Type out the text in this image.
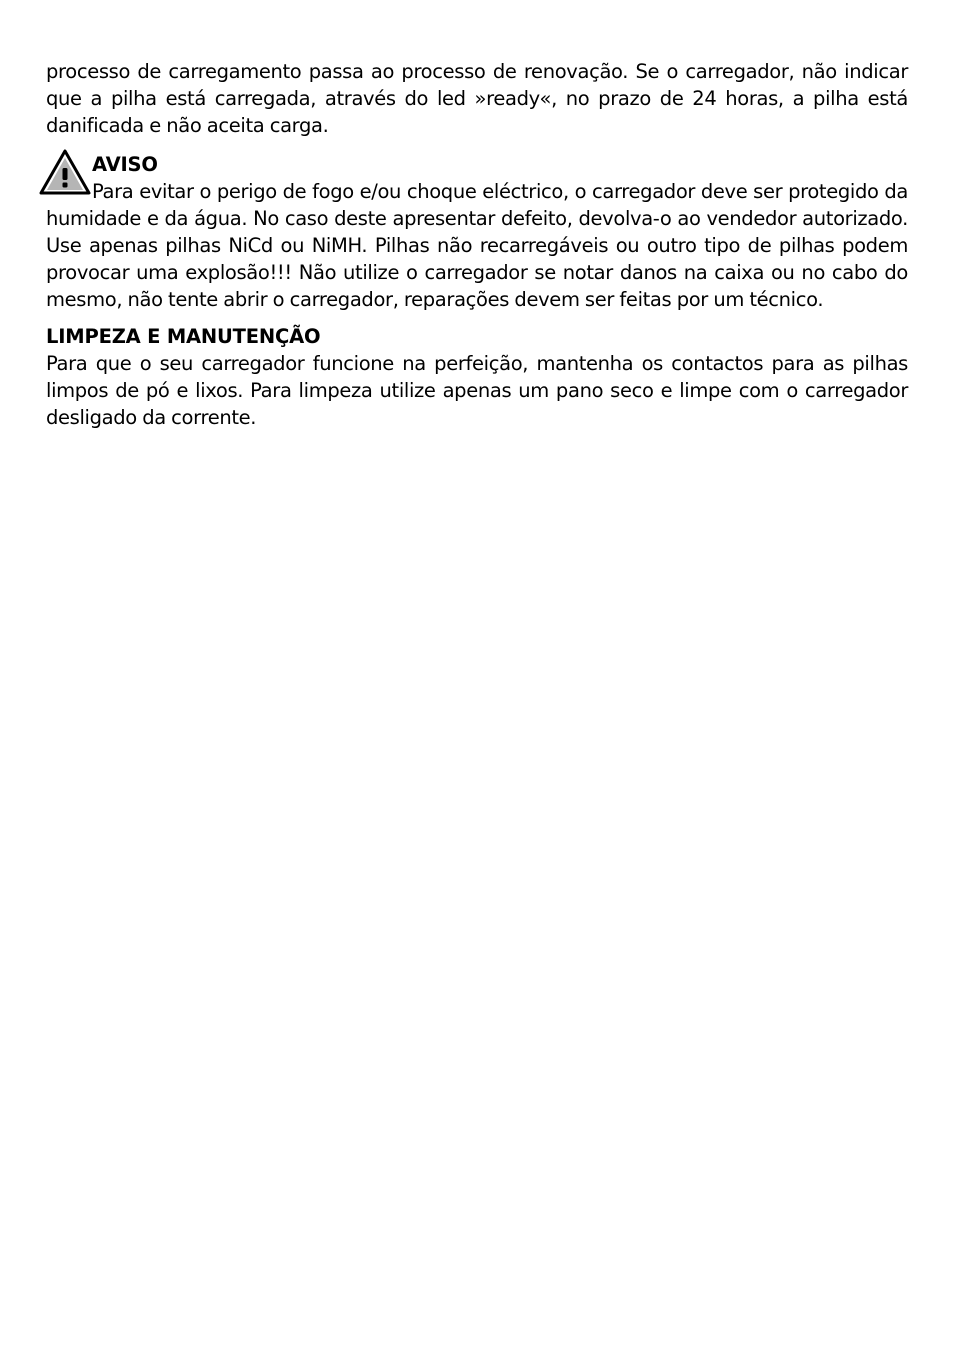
processo de carregamento passa ao processo de renovação. Se o carregador, não indicar que a pilha está carregada, através do led »ready«, no prazo de 24 horas, a pilha está danificada e não aceita carga.

AVISO

Para evitar o perigo de fogo e/ou choque eléctrico, o carregador deve ser protegido da humidade e da água. No caso deste apresentar defeito, devolva-o ao vendedor autorizado. Use apenas pilhas NiCd ou NiMH. Pilhas não recarregáveis ou outro tipo de pilhas podem provocar uma explosão!!! Não utilize o carregador se notar danos na caixa ou no cabo do mesmo, não tente abrir o carregador, reparações devem ser feitas por um técnico.

LIMPEZA E MANUTENÇÃO

Para que o seu carregador funcione na perfeição, mantenha os contactos para as pilhas limpos de pó e lixos. Para limpeza utilize apenas um pano seco e limpe com o carregador desligado da corrente.
